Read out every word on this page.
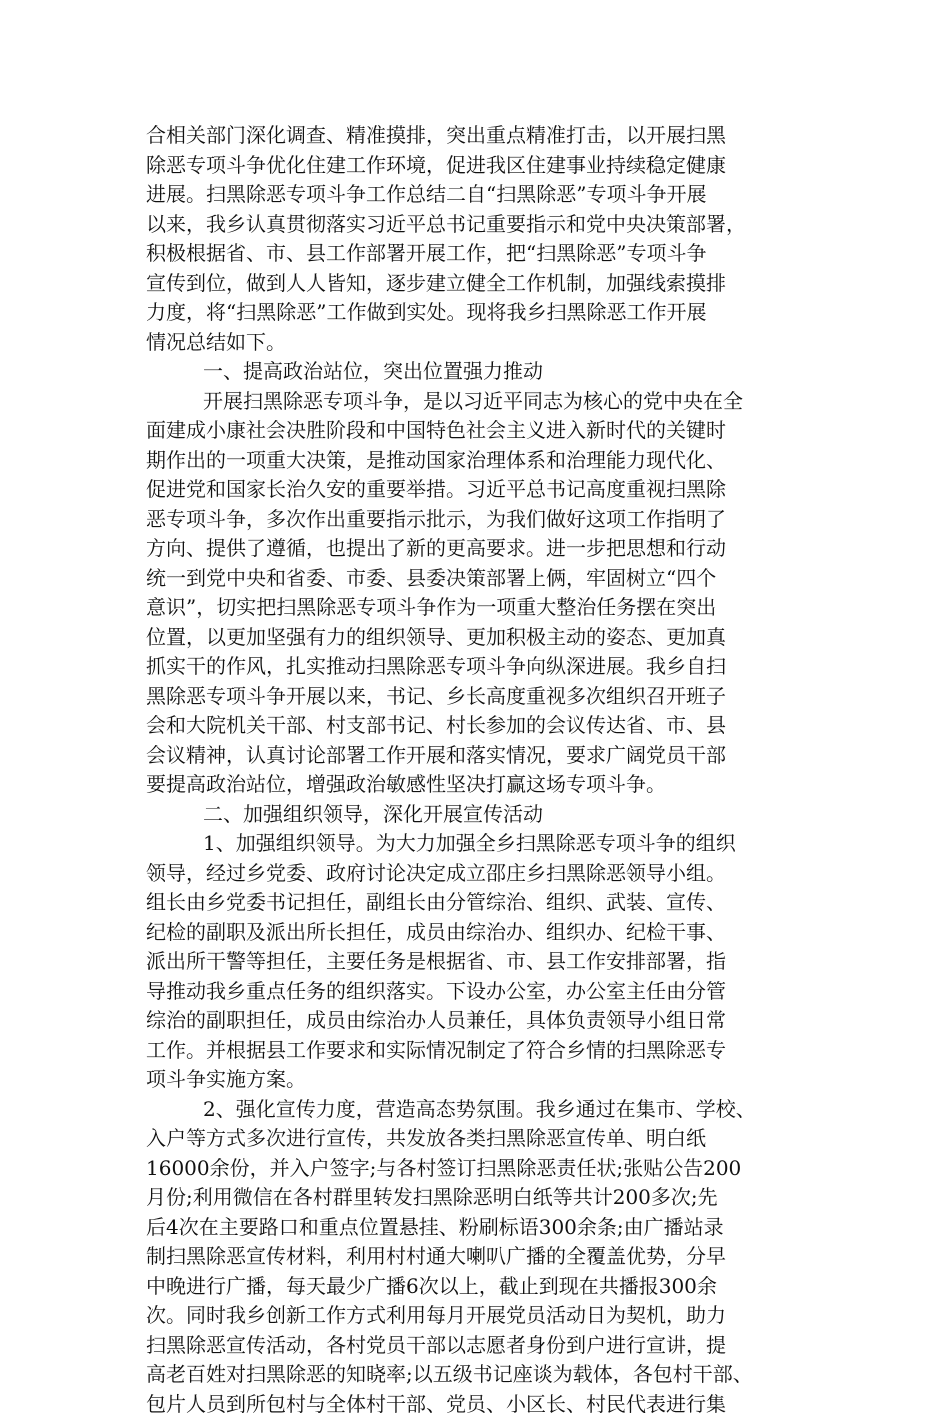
合相关部门深化调查、精准摸排，突出重点精准打击，以开展扫黑
除恶专项斗争优化住建工作环境，促进我区住建事业持续稳定健康
进展。扫黑除恶专项斗争工作总结二自“扫黑除恶”专项斗争开展
以来，我乡认真贯彻落实习近平总书记重要指示和党中央决策部署，
积极根据省、市、县工作部署开展工作，把“扫黑除恶”专项斗争
宣传到位，做到人人皆知，逐步建立健全工作机制，加强线索摸排
力度，将“扫黑除恶”工作做到实处。现将我乡扫黑除恶工作开展
情况总结如下。
一、提高政治站位，突出位置强力推动
开展扫黑除恶专项斗争，是以习近平同志为核心的党中央在全
面建成小康社会决胜阶段和中国特色社会主义进入新时代的关键时
期作出的一项重大决策，是推动国家治理体系和治理能力现代化、
促进党和国家长治久安的重要举措。习近平总书记高度重视扫黑除
恶专项斗争，多次作出重要指示批示，为我们做好这项工作指明了
方向、提供了遵循，也提出了新的更高要求。进一步把思想和行动
统一到党中央和省委、市委、县委决策部署上俩，牢固树立“四个
意识”，切实把扫黑除恶专项斗争作为一项重大整治任务摆在突出
位置，以更加坚强有力的组织领导、更加积极主动的姿态、更加真
抓实干的作风，扎实推动扫黑除恶专项斗争向纵深进展。我乡自扫
黑除恶专项斗争开展以来，书记、乡长高度重视多次组织召开班子
会和大院机关干部、村支部书记、村长参加的会议传达省、市、县
会议精神，认真讨论部署工作开展和落实情况，要求广阔党员干部
要提高政治站位，增强政治敏感性坚决打赢这场专项斗争。
二、加强组织领导，深化开展宣传活动
1、加强组织领导。为大力加强全乡扫黑除恶专项斗争的组织
领导，经过乡党委、政府讨论决定成立邵庄乡扫黑除恶领导小组。
组长由乡党委书记担任，副组长由分管综治、组织、武装、宣传、
纪检的副职及派出所长担任，成员由综治办、组织办、纪检干事、
派出所干警等担任，主要任务是根据省、市、县工作安排部署，指
导推动我乡重点任务的组织落实。下设办公室，办公室主任由分管
综治的副职担任，成员由综治办人员兼任，具体负责领导小组日常
工作。并根据县工作要求和实际情况制定了符合乡情的扫黑除恶专
项斗争实施方案。
2、强化宣传力度，营造高态势氛围。我乡通过在集市、学校、
入户等方式多次进行宣传，共发放各类扫黑除恶宣传单、明白纸
16000余份，并入户签字;与各村签订扫黑除恶责任状;张贴公告200
月份;利用微信在各村群里转发扫黑除恶明白纸等共计200多次;先
后4次在主要路口和重点位置悬挂、粉刷标语300余条;由广播站录
制扫黑除恶宣传材料，利用村村通大喇叭广播的全覆盖优势，分早
中晚进行广播，每天最少广播6次以上，截止到现在共播报300余
次。同时我乡创新工作方式利用每月开展党员活动日为契机，助力
扫黑除恶宣传活动，各村党员干部以志愿者身份到户进行宣讲，提
高老百姓对扫黑除恶的知晓率;以五级书记座谈为载体，各包村干部、
包片人员到所包村与全体村干部、党员、小区长、村民代表进行集
